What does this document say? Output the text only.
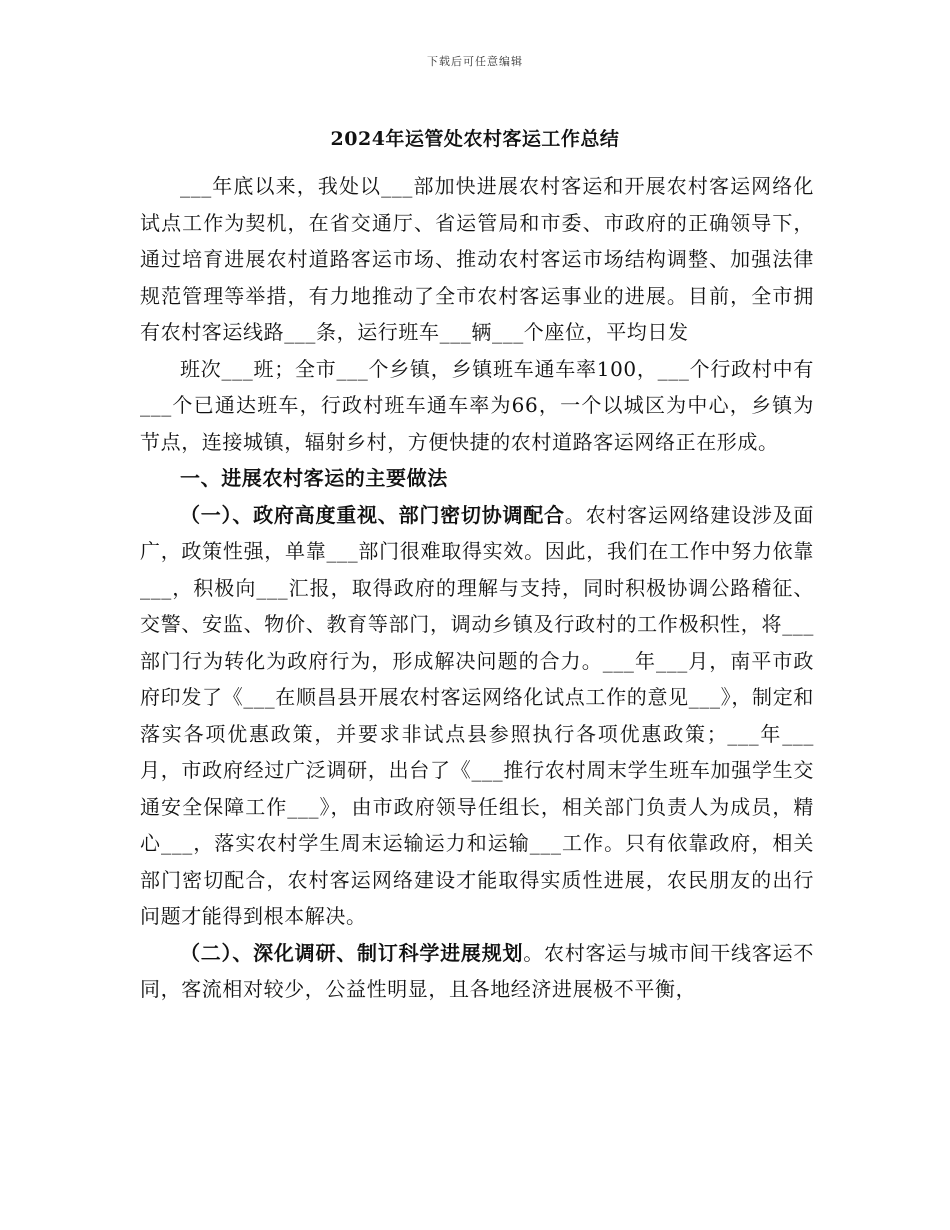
下载后可任意编辑
2024年运管处农村客运工作总结

___年底以来，我处以___部加快进展农村客运和开展农村客运网络化试点工作为契机，在省交通厅、省运管局和市委、市政府的正确领导下，通过培育进展农村道路客运市场、推动农村客运市场结构调整、加强法律规范管理等举措，有力地推动了全市农村客运事业的进展。目前，全市拥有农村客运线路___条，运行班车___辆___个座位，平均日发

班次___班；全市___个乡镇，乡镇班车通车率100，___个行政村中有___个已通达班车，行政村班车通车率为66，一个以城区为中心，乡镇为节点，连接城镇，辐射乡村，方便快捷的农村道路客运网络正在形成。

一、进展农村客运的主要做法

（一）、政府高度重视、部门密切协调配合。农村客运网络建设涉及面广，政策性强，单靠___部门很难取得实效。因此，我们在工作中努力依靠___，积极向___汇报，取得政府的理解与支持，同时积极协调公路稽征、交警、安监、物价、教育等部门，调动乡镇及行政村的工作极积性，将___部门行为转化为政府行为，形成解决问题的合力。___年___月，南平市政府印发了《___在顺昌县开展农村客运网络化试点工作的意见___》，制定和落实各项优惠政策，并要求非试点县参照执行各项优惠政策；___年___月，市政府经过广泛调研，出台了《___推行农村周末学生班车加强学生交通安全保障工作___》，由市政府领导任组长，相关部门负责人为成员，精心___，落实农村学生周末运输运力和运输___工作。只有依靠政府，相关部门密切配合，农村客运网络建设才能取得实质性进展，农民朋友的出行问题才能得到根本解决。

（二）、深化调研、制订科学进展规划。农村客运与城市间干线客运不同，客流相对较少，公益性明显，且各地经济进展极不平衡，
